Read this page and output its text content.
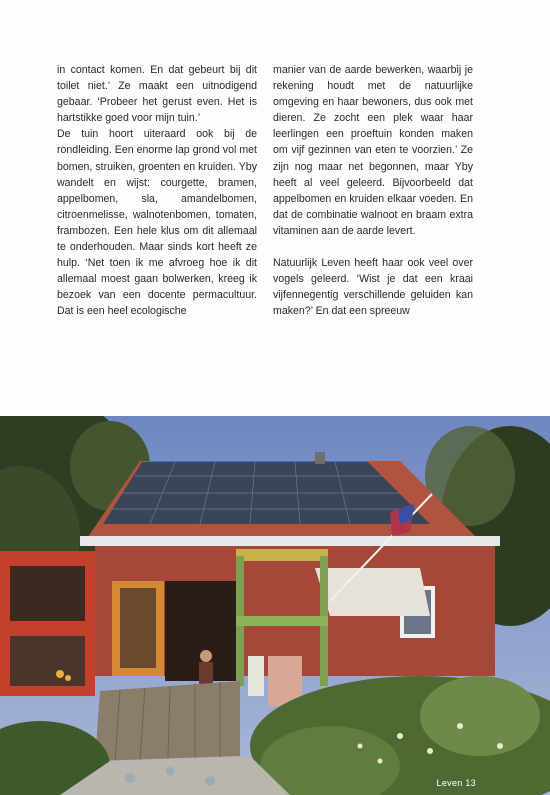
in contact komen. En dat gebeurt bij dit toilet niet.’ Ze maakt een uitnodigend gebaar. ‘Probeer het gerust even. Het is hartstikke goed voor mijn tuin.’

De tuin hoort uiteraard ook bij de rondleiding. Een enorme lap grond vol met bomen, struiken, groenten en kruiden. Yby wandelt en wijst: courgette, bramen, appelbomen, sla, amandelbomen, citroenmelisse, walnotenbomen, tomaten, frambozen. Een hele klus om dit allemaal te onderhouden. Maar sinds kort heeft ze hulp. ‘Net toen ik me afvroeg hoe ik dit allemaal moest gaan bolwerken, kreeg ik bezoek van een docente permacultuur. Dat is een heel ecologische

manier van de aarde bewerken, waarbij je rekening houdt met de natuurlijke omgeving en haar bewoners, dus ook met dieren. Ze zocht een plek waar haar leerlingen een proeftuin konden maken om vijf gezinnen van eten te voorzien.’ Ze zijn nog maar net begonnen, maar Yby heeft al veel geleerd. Bijvoorbeeld dat appelbomen en kruiden elkaar voeden. En dat de combinatie walnoot en braam extra vitaminen aan de aarde levert.

Natuurlijk Leven heeft haar ook veel over vogels geleerd. ‘Wist je dat een kraai vijfennegentig verschillende geluiden kan maken?’ En dat een spreeuw

Leven 13
